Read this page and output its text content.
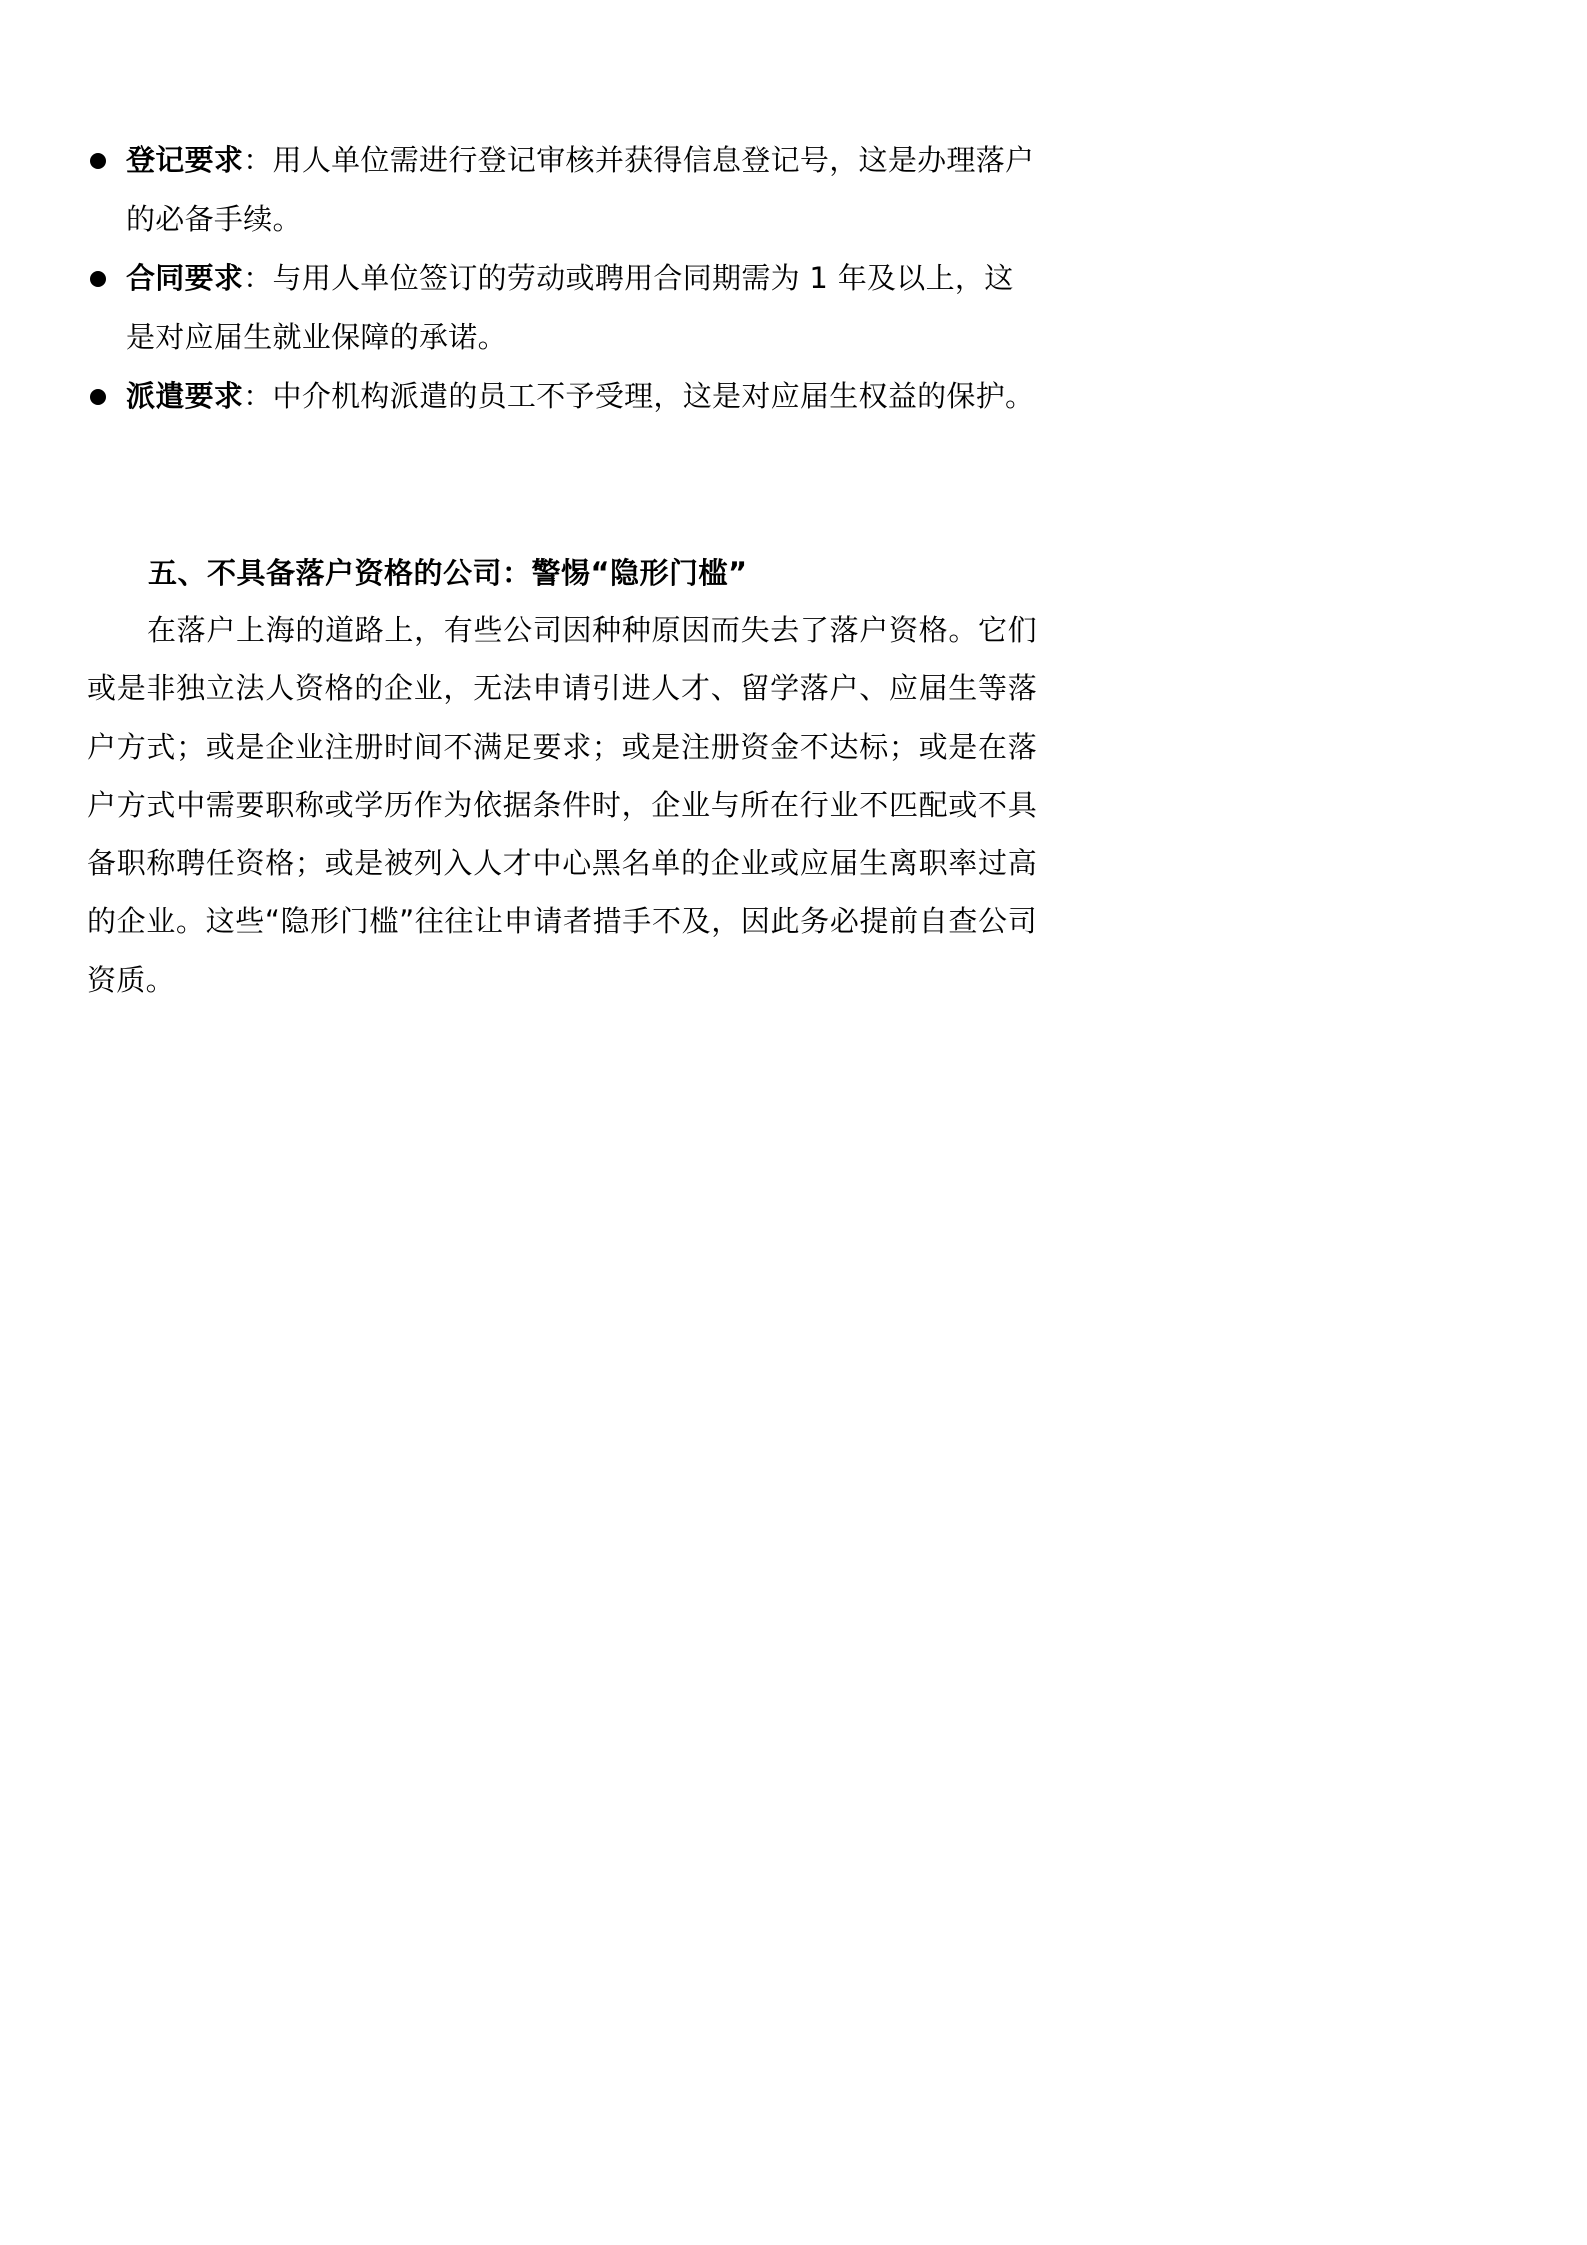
登记要求：用人单位需进行登记审核并获得信息登记号，这是办理落户的必备手续。
合同要求：与用人单位签订的劳动或聘用合同期需为 1 年及以上，这是对应届生就业保障的承诺。
派遣要求：中介机构派遣的员工不予受理，这是对应届生权益的保护。
五、不具备落户资格的公司：警惕“隐形门槛”

在落户上海的道路上，有些公司因种种原因而失去了落户资格。它们或是非独立法人资格的企业，无法申请引进人才、留学落户、应届生等落户方式；或是企业注册时间不满足要求；或是注册资金不达标；或是在落户方式中需要职称或学历作为依据条件时，企业与所在行业不匹配或不具备职称聘任资格；或是被列入人才中心黑名单的企业或应届生离职率过高的企业。这些“隐形门槛”往往让申请者措手不及，因此务必提前自查公司资质。
